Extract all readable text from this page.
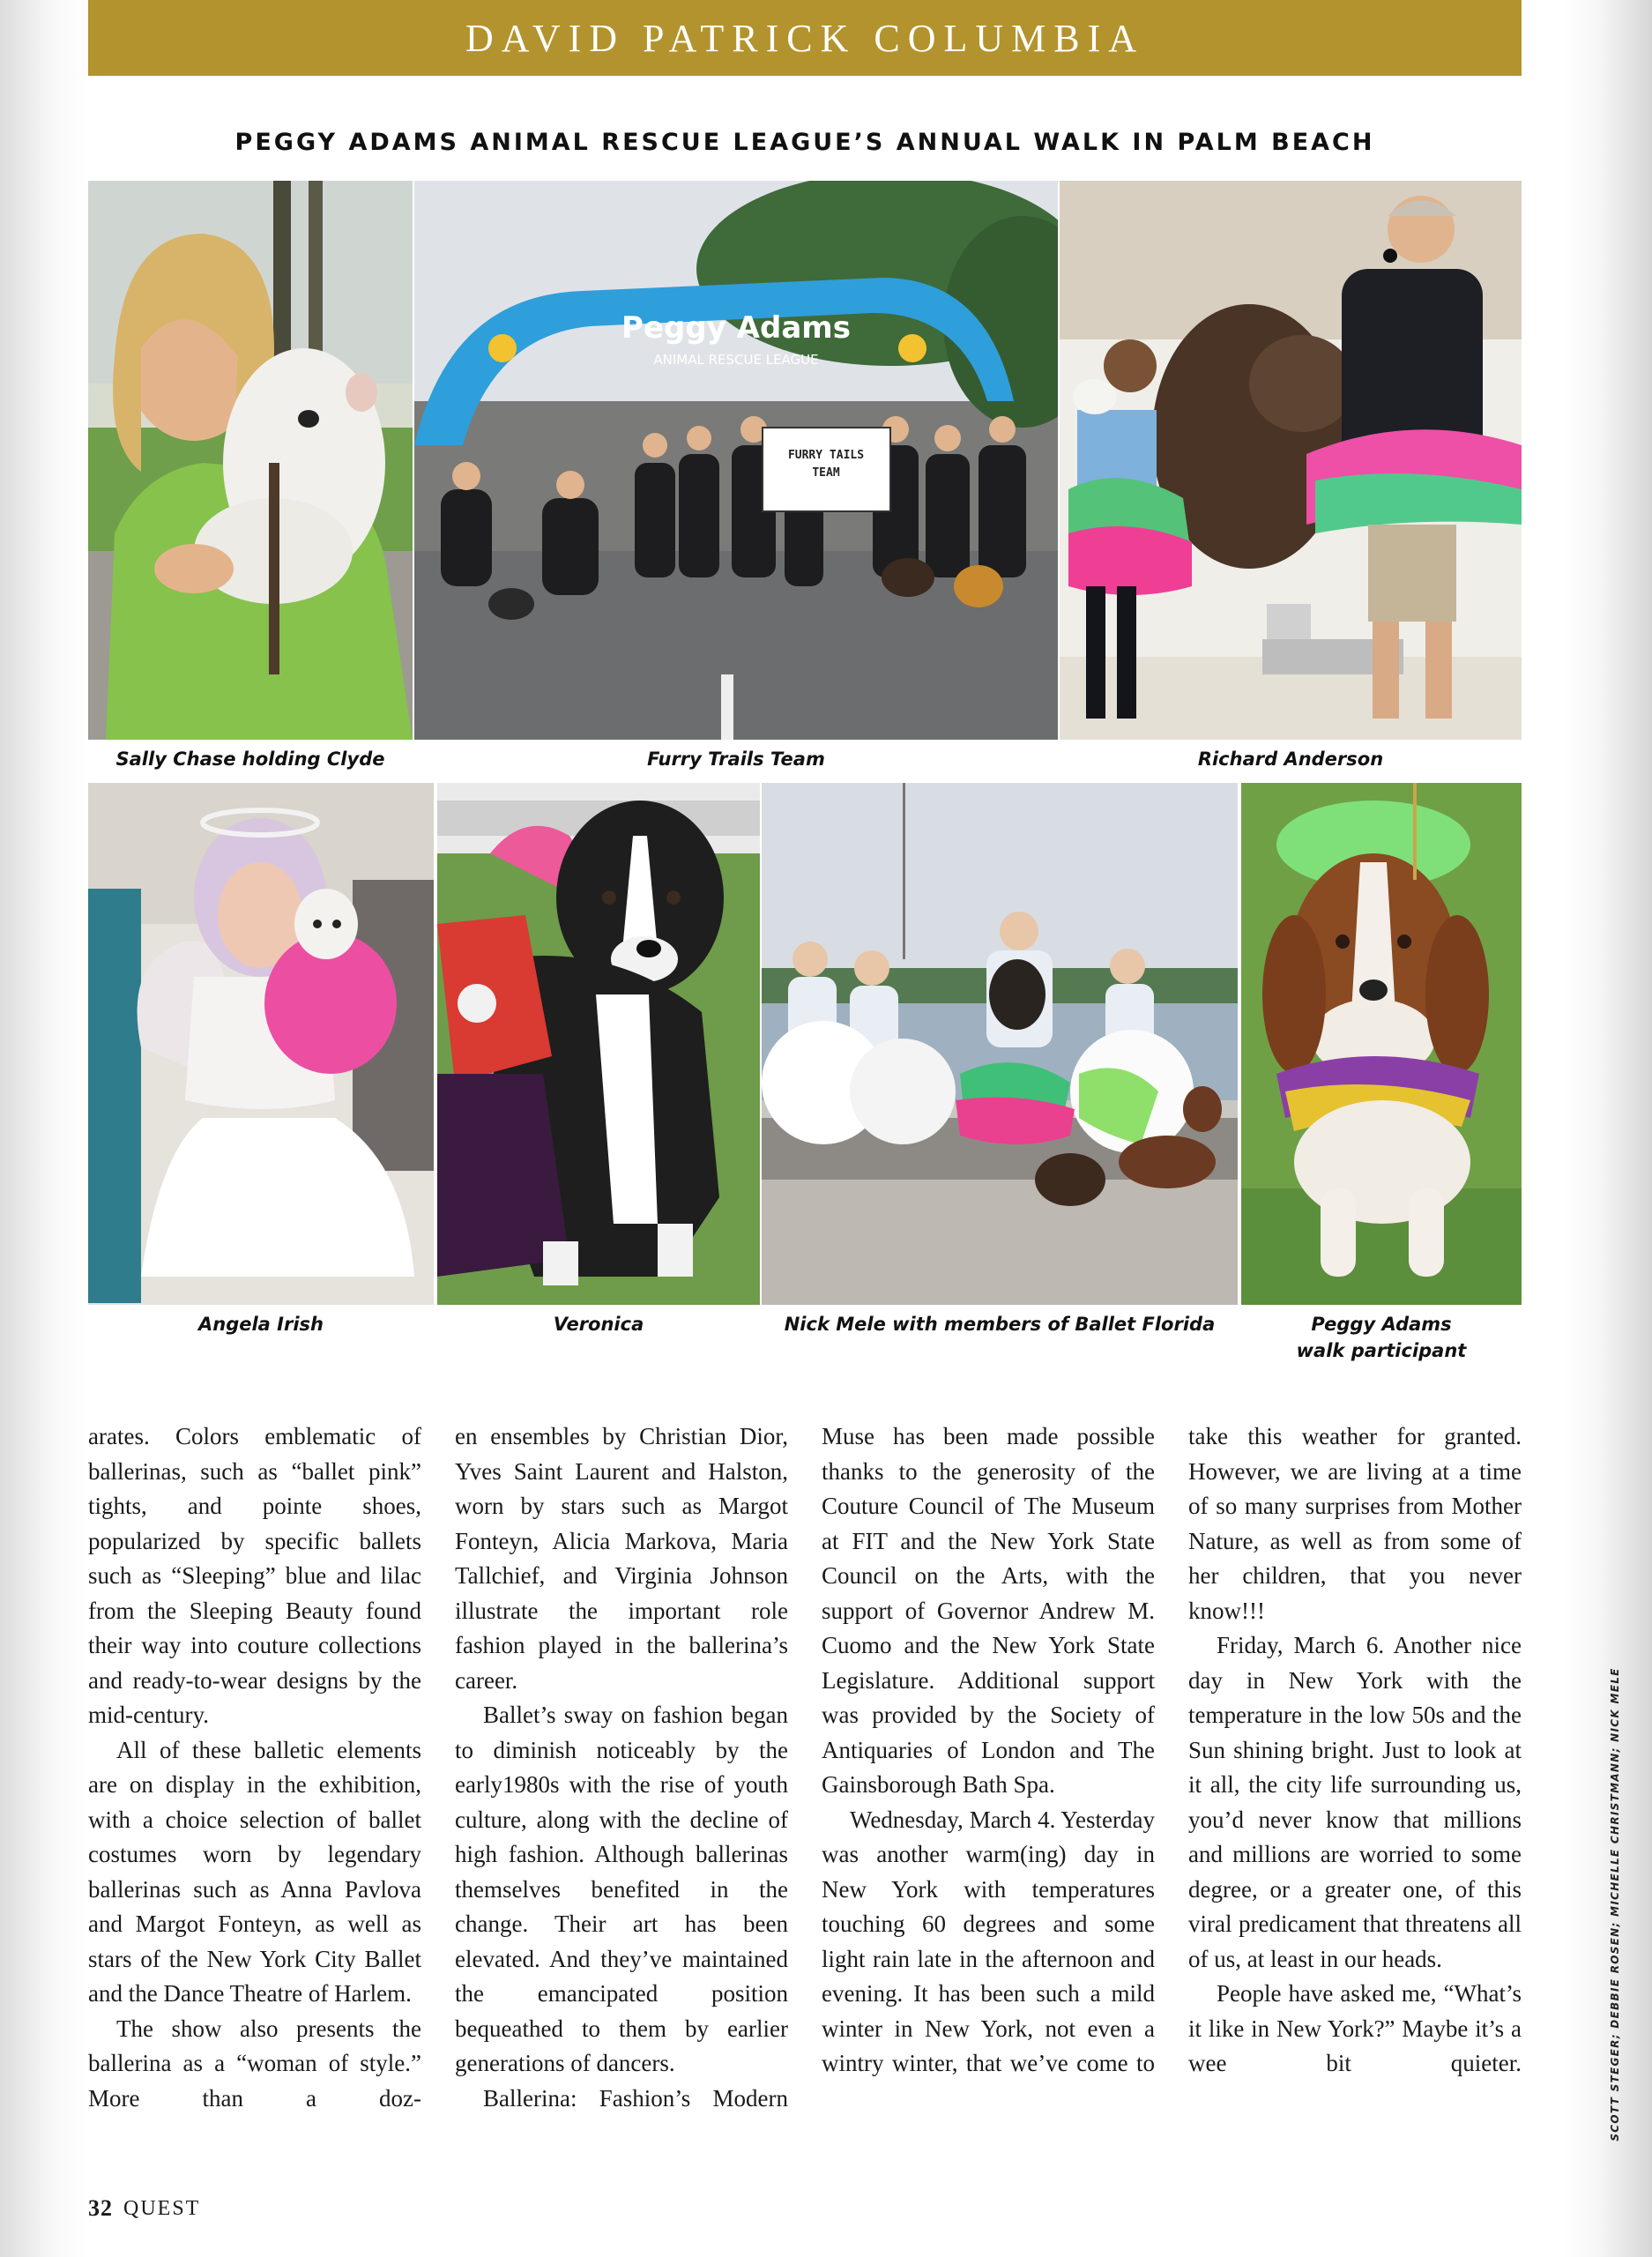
DAVID PATRICK COLUMBIA
PEGGY ADAMS ANIMAL RESCUE LEAGUE’S ANNUAL WALK IN PALM BEACH
Sally Chase holding Clyde
Peggy Adams
ANIMAL RESCUE LEAGUE
FURRY TAILS
TEAM
Furry Trails Team	Richard Anderson
Angela Irish	Veronica	Nick Mele with members of Ballet Florida	Peggy Adams
walk participant

arates. Colors emblematic of ballerinas, such as “ballet pink” tights, and pointe shoes, popularized by specific ballets such as “Sleeping” blue and lilac from the Sleeping Beauty found their way into couture collections and ready-to-wear designs by the mid-century.

All of these balletic elements are on display in the exhibition, with a choice selection of ballet costumes worn by legendary ballerinas such as Anna Pavlova and Margot Fonteyn, as well as stars of the New York City Ballet and the Dance Theatre of Harlem.

The show also presents the ballerina as a “woman of style.” More than a doz-

en ensembles by Christian Dior, Yves Saint Laurent and Halston, worn by stars such as Margot Fonteyn, Alicia Markova, Maria Tallchief, and Virginia Johnson illustrate the important role fashion played in the ballerina’s career.

Ballet’s sway on fashion began to diminish noticeably by the early1980s with the rise of youth culture, along with the decline of high fashion. Although ballerinas themselves benefited in the change. Their art has been elevated. And they’ve maintained the emancipated position bequeathed to them by earlier generations of dancers.

Ballerina: Fashion’s Modern

Muse has been made possible thanks to the generosity of the Couture Council of The Museum at FIT and the New York State Council on the Arts, with the support of Governor Andrew M. Cuomo and the New York State Legislature. Additional support was provided by the Society of Antiquaries of London and The Gainsborough Bath Spa.

Wednesday, March 4. Yesterday was another warm(ing) day in New York with temperatures touching 60 degrees and some light rain late in the afternoon and evening. It has been such a mild winter in New York, not even a wintry winter, that we’ve come to

take this weather for granted. However, we are living at a time of so many surprises from Mother Nature, as well as from some of her children, that you never know!!!

Friday, March 6. Another nice day in New York with the temperature in the low 50s and the Sun shining bright. Just to look at it all, the city life surrounding us, you’d never know that millions and millions are worried to some degree, or a greater one, of this viral predicament that threatens all of us, at least in our heads.

People have asked me, “What’s it like in New York?” Maybe it’s a wee bit quieter.	SCOTT STEGER; DEBBIE ROSEN; MICHELLE CHRISTMANN; NICK MELE
32 QUEST
